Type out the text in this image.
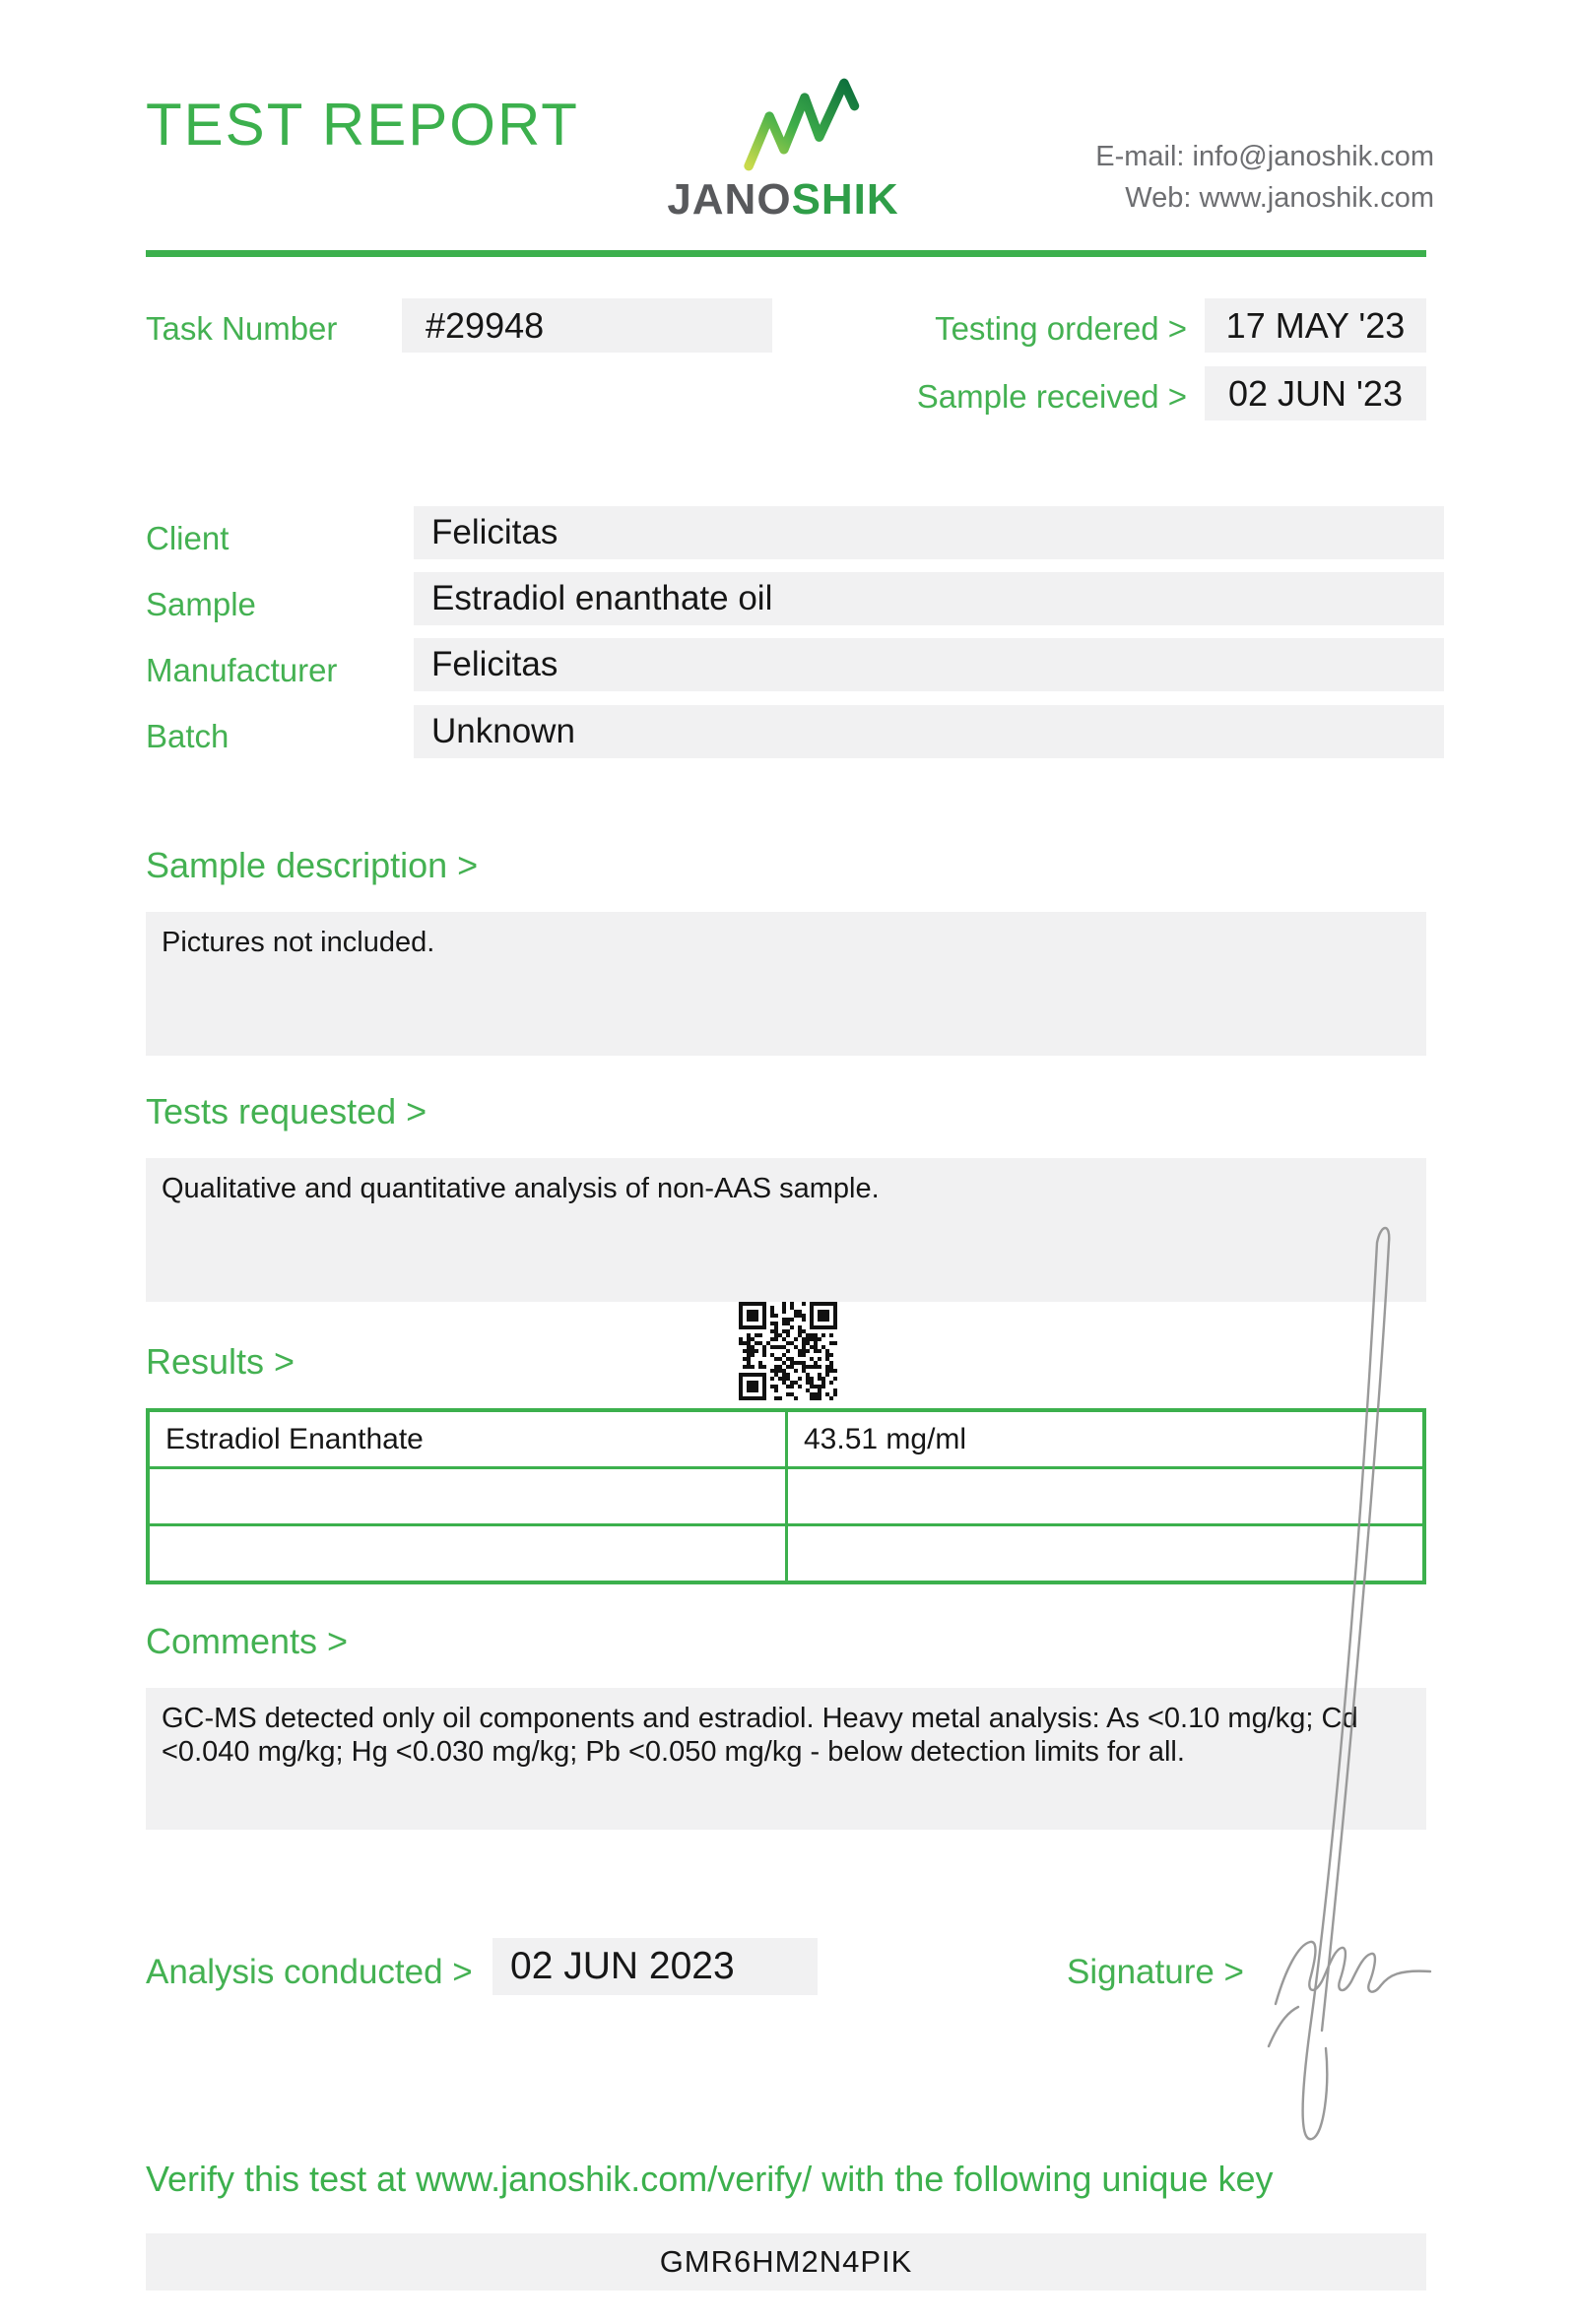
TEST REPORT
JANOSHIK
E-mail: info@janoshik.com
Web: www.janoshik.com
Task Number	#29948	Testing ordered >	17 MAY '23
Sample received >	02 JUN '23
Client	Felicitas
Sample	Estradiol enanthate oil
Manufacturer	Felicitas
Batch	Unknown
Sample description >
Pictures not included.
Tests requested >
Qualitative and quantitative analysis of non-AAS sample.
Results >
Estradiol Enanthate	43.51 mg/ml
Comments >
GC-MS detected only oil components and estradiol. Heavy metal analysis: As <0.10 mg/kg; Cd <0.040 mg/kg; Hg <0.030 mg/kg; Pb <0.050 mg/kg - below detection limits for all.
Analysis conducted > 02 JUN 2023	Signature >
Verify this test at www.janoshik.com/verify/ with the following unique key
GMR6HM2N4PIK
